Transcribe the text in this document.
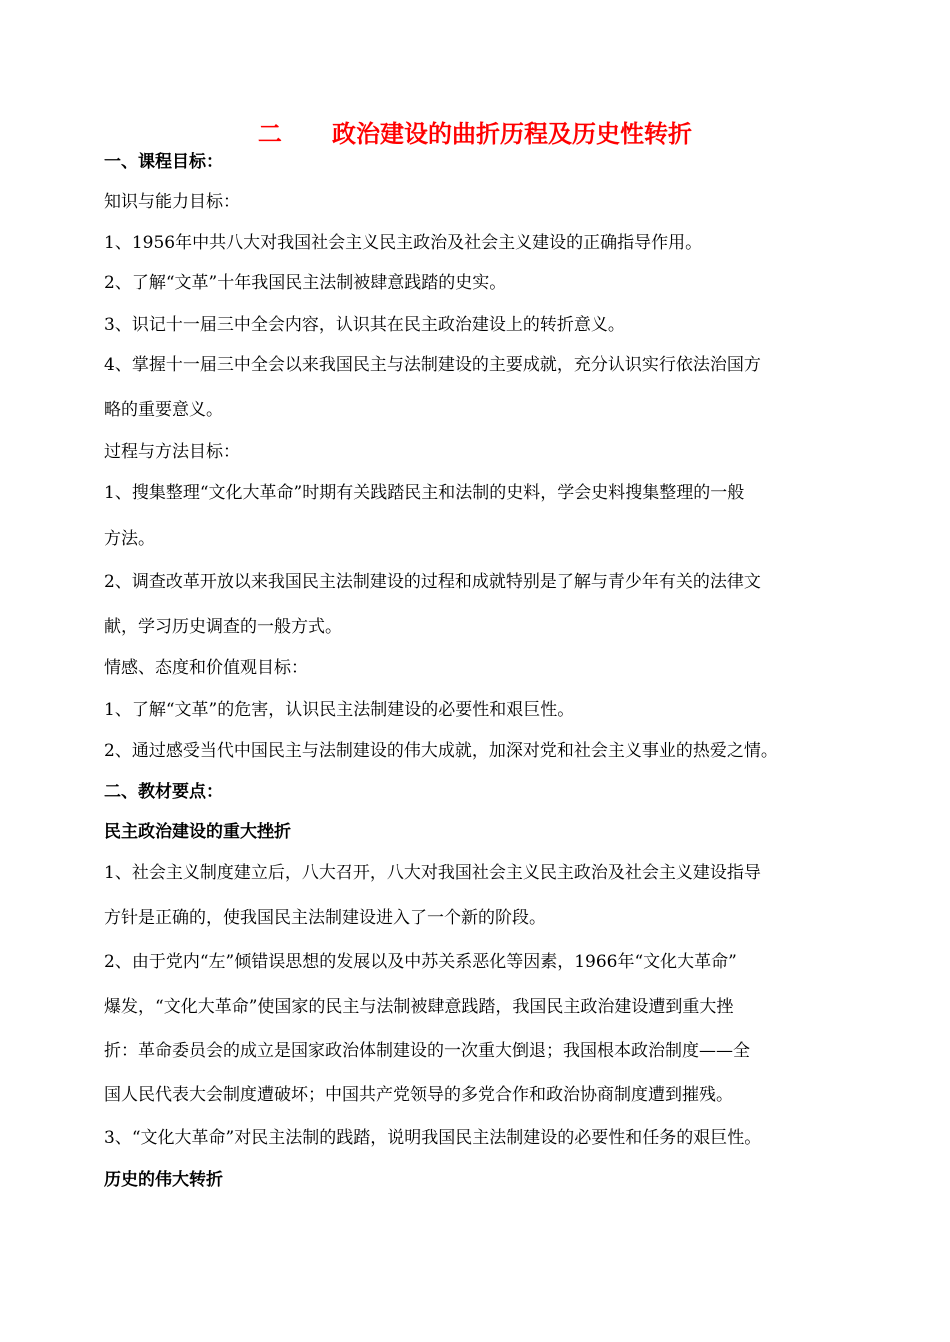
二      政治建设的曲折历程及历史性转折
一、课程目标：
知识与能力目标：
1、1956年中共八大对我国社会主义民主政治及社会主义建设的正确指导作用。
2、了解“文革”十年我国民主法制被肆意践踏的史实。
3、识记十一届三中全会内容，认识其在民主政治建设上的转折意义。
4、掌握十一届三中全会以来我国民主与法制建设的主要成就，充分认识实行依法治国方
略的重要意义。
过程与方法目标：
1、搜集整理“文化大革命”时期有关践踏民主和法制的史料，学会史料搜集整理的一般
方法。
2、调查改革开放以来我国民主法制建设的过程和成就特别是了解与青少年有关的法律文
献，学习历史调查的一般方式。
情感、态度和价值观目标：
1、了解“文革”的危害，认识民主法制建设的必要性和艰巨性。
2、通过感受当代中国民主与法制建设的伟大成就，加深对党和社会主义事业的热爱之情。
二、教材要点：
民主政治建设的重大挫折
1、社会主义制度建立后，八大召开，八大对我国社会主义民主政治及社会主义建设指导
方针是正确的，使我国民主法制建设进入了一个新的阶段。
2、由于党内“左”倾错误思想的发展以及中苏关系恶化等因素，1966年“文化大革命”
爆发，“文化大革命”使国家的民主与法制被肆意践踏，我国民主政治建设遭到重大挫
折：革命委员会的成立是国家政治体制建设的一次重大倒退；我国根本政治制度——全
国人民代表大会制度遭破坏；中国共产党领导的多党合作和政治协商制度遭到摧残。
3、“文化大革命”对民主法制的践踏，说明我国民主法制建设的必要性和任务的艰巨性。
历史的伟大转折
